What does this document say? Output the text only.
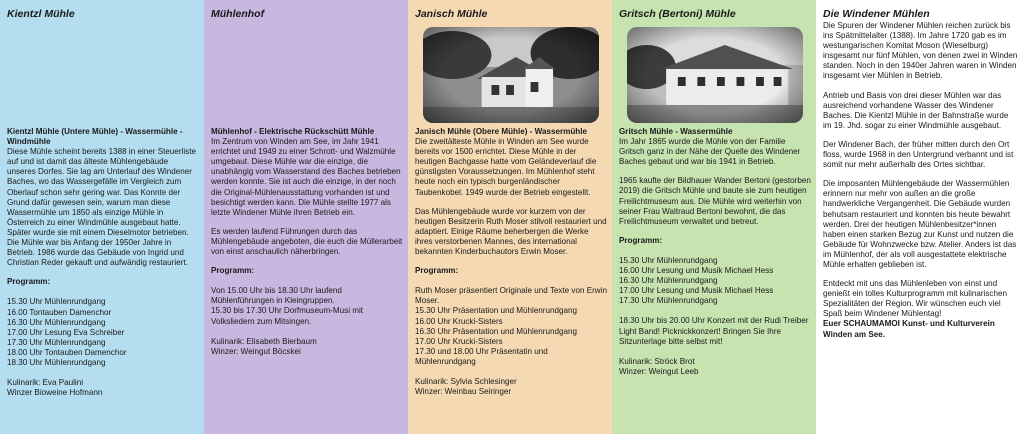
Kientzl Mühle
Kientzl Mühle (Untere Mühle) - Wassermühle - Windmühle

Diese Mühle scheint bereits 1388 in einer Steuerliste auf und ist damit das älteste Mühlengebäude unseres Dorfes. Sie lag am Unterlauf des Windener Baches, wo das Wassergefälle im Vergleich zum Oberlauf schon sehr gering war. Das Konnte der Grund dafür gewesen sein, warum man diese Wassermühle um 1850 als einzige Mühle in Österreich zu einer Windmühle ausgebaut hatte. Später wurde sie mit einem Dieselmotor betrieben. Die Mühle war bis Anfang der 1950er Jahre in Betrieb. 1986 wurde das Gebäude von Ingrid und Christian Reder gekauft und aufwändig restauriert.

Programm:
15.30 Uhr Mühlenrundgang
16.00 Tontauben Damenchor
16.30 Uhr Mühlenrundgang
17.00 Uhr Lesung Eva Schreiber
17.30 Uhr Mühlenrundgang
18.00 Uhr Tontauben Damenchor
18.30 Uhr Mühlenrundgang
Kulinarik: Eva Paulini
Winzer Bioweine Hofmann
Mühlenhof
Mühlenhof - Elektrische Rückschütt Mühle

Im Zentrum von Winden am See, im Jahr 1941 errichtet und 1949 zu einer Schrott- und Walzmühle umgebaut. Diese Mühle war die einzige, die unabhängig vom Wasserstand des Baches betrieben werden konnte. Sie ist auch die einzige, in der noch die Original-Mühlenausstattung vorhanden ist und besichtigt werden kann. Die Mühle stellte 1977 als letzte Windener Mühle ihren Betrieb ein.

Es werden laufend Führungen durch das Mühlengebäude angeboten, die euch die Müllerarbeit von einst anschaulich näherbringen.

Programm:
Von 15.00 Uhr bis 18.30 Uhr laufend Mühlenführungen in Kleingruppen.
15.30 bis 17.30 Uhr Dorfmuseum-Musi mit Volksliedern zum Mitsingen.
Kulinarik: Elisabeth Bierbaum
Winzer: Weingut Böcskei
Janisch Mühle
Janisch Mühle (Obere Mühle) - Wassermühle

Die zweitälteste Mühle in Winden am See wurde bereits vor 1500 errichtet. Diese Mühle in der heutigen Bachgasse hatte vom Geländeverlauf die günstigsten Voraussetzungen. Im Mühlenhof steht heute noch ein typisch burgenländischer Taubenkobel. 1949 wurde der Betrieb eingestellt.

Das Mühlengebäude wurde vor kurzem von der heutigen Besitzerin Ruth Moser stilvoll restauriert und adaptiert. Einige Räume beherbergen die Werke ihres verstorbenen Mannes, des international bekannten Kinderbuchautors Erwin Moser.

Programm:
Ruth Moser präsentiert Originale und Texte von Erwin Moser.
15.30 Uhr Präsentation und Mühlenrundgang
16.00 Uhr Krucki-Sisters
16.30 Uhr Präsentation und Mühlenrundgang
17.00 Uhr Krucki-Sisters
17.30 und 18.00 Uhr Präsentatin und Mühlenrundgang
Kulinarik: Sylvia Schlesinger
Winzer: Weinbau Seiringer
Gritsch (Bertoni) Mühle
Gritsch Mühle - Wassermühle

Im Jahr 1865 wurde die Mühle von der Familie Gritsch ganz in der Nähe der Quelle des Windener Baches gebaut und war bis 1941 in Betrieb.

1965 kaufte der Bildhauer Wander Bertoni (gestorben 2019) die Gritsch Mühle und baute sie zum heutigen Freilichtmuseum aus. Die Mühle wird weiterhin von seiner Frau Waltraud Bertoni bewohnt, die das Freilichtmuseum verwaltet und betreut.

Programm:
15.30 Uhr Mühlenrundgang
16.00 Uhr Lesung und Musik Michael Hess
16.30 Uhr Mühlenrundgang
17.00 Uhr Lesung und Musik Michael Hess
17.30 Uhr Mühlenrundgang
18.30 Uhr bis 20.00 Uhr Konzert mit der Rudi Treiber Light Band! Picknickkonzert! Bringen Sie Ihre Sitzunterlage bitte selbst mit!
Kulinarik: Ströck Brot
Winzer: Weingut Leeb
Die Windener Mühlen

Die Spuren der Windener Mühlen reichen zurück bis ins Spätmittelalter (1388). Im Jahre 1720 gab es im westungarischen Komitat Moson (Wieselburg) insgesamt nur fünf Mühlen, von denen zwei in Winden standen. Noch in den 1940er Jahren waren in Winden insgesamt vier Mühlen in Betrieb.

Antrieb und Basis von drei dieser Mühlen war das ausreichend vorhandene Wasser des Windener Baches. Die Kientzl Mühle in der Bahnstraße wurde im 19. Jhd. sogar zu einer Windmühle ausgebaut.

Der Windener Bach, der früher mitten durch den Ort floss, wurde 1968 in den Untergrund verbannt und ist somit nur mehr außerhalb des Ortes sichtbar.

Die imposanten Mühlengebäude der Wassermühlen erinnern nur mehr von außen an die große handwerkliche Vergangenheit. Die Gebäude wurden behutsam restauriert und konnten bis heute bewahrt werden. Drei der heutigen Mühlenbesitzer*innen haben einen starken Bezug zur Kunst und nutzen die Gebäude für Wohnzwecke bzw. Atelier. Anders ist das im Mühlenhof, der als voll ausgestattete elektrische Mühle erhalten geblieben ist.

Entdeckt mit uns das Mühlenleben von einst und genießt ein tolles Kulturprogramm mit kulinarischen Spezialitäten der Region. Wir wünschen euch viel Spaß beim Windener Mühlentag!

Euer SCHAUMAMOI Kunst- und Kulturverein Winden am See.
